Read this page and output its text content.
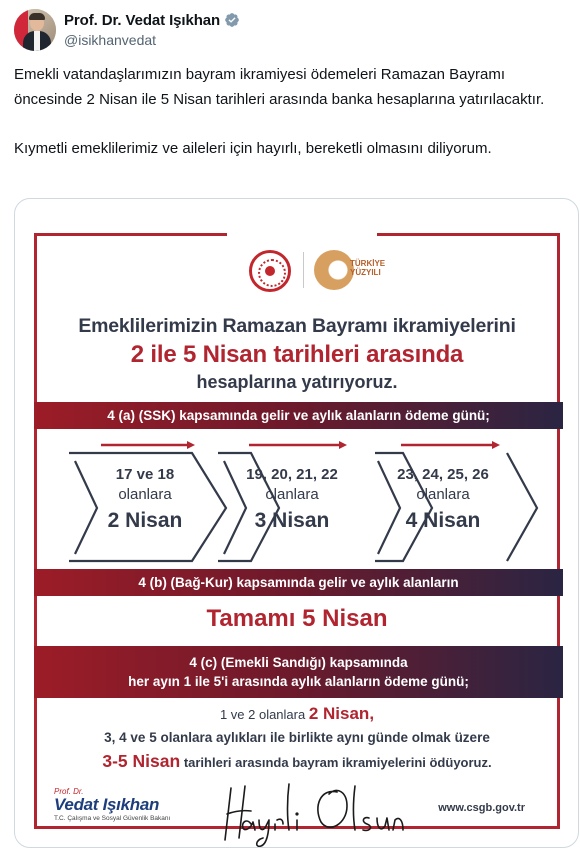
Prof. Dr. Vedat Işıkhan
@isikhanvedat

Emekli vatandaşlarımızın bayram ikramiyesi ödemeleri Ramazan Bayramı öncesinde 2 Nisan ile 5 Nisan tarihleri arasında banka hesaplarına yatırılacaktır.

Kıymetli emeklilerimiz ve aileleri için hayırlı, bereketli olmasını diliyorum.

TÜRKİYE YÜZYILI
Emeklilerimizin Ramazan Bayramı ikramiyelerini
2 ile 5 Nisan tarihleri arasında
hesaplarına yatırıyoruz.
4 (a) (SSK) kapsamında gelir ve aylık alanların ödeme günü;
17 ve 18
olanlara
2 Nisan
19, 20, 21, 22
olanlara
3 Nisan
23, 24, 25, 26
olanlara
4 Nisan
4 (b) (Bağ-Kur) kapsamında gelir ve aylık alanların
Tamamı 5 Nisan
4 (c) (Emekli Sandığı) kapsamında
her ayın 1 ile 5'i arasında aylık alanların ödeme günü;
1 ve 2 olanlara 2 Nisan,
3, 4 ve 5 olanlara aylıkları ile birlikte aynı günde olmak üzere
3-5 Nisan tarihleri arasında bayram ikramiyelerini ödüyoruz.
Prof. Dr.
Vedat Işıkhan
T.C. Çalışma ve Sosyal Güvenlik Bakanı
www.csgb.gov.tr
